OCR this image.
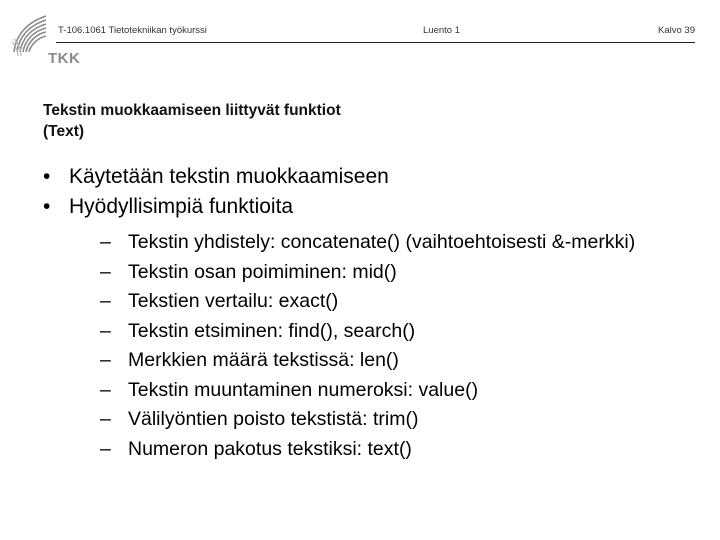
TKK
T-106.1061 Tietotekniikan työkurssi	Luento 1	Kalvo 39
Tekstin muokkaamiseen liittyvät funktiot
(Text)
• Käytetään tekstin muokkaamiseen
• Hyödyllisimpiä funktioita
– Tekstin yhdistely: concatenate() (vaihtoehtoisesti &-merkki)
– Tekstin osan poimiminen: mid()
– Tekstien vertailu: exact()
– Tekstin etsiminen: find(), search()
– Merkkien määrä tekstissä: len()
– Tekstin muuntaminen numeroksi: value()
– Välilyöntien poisto tekstistä: trim()
– Numeron pakotus tekstiksi: text()
